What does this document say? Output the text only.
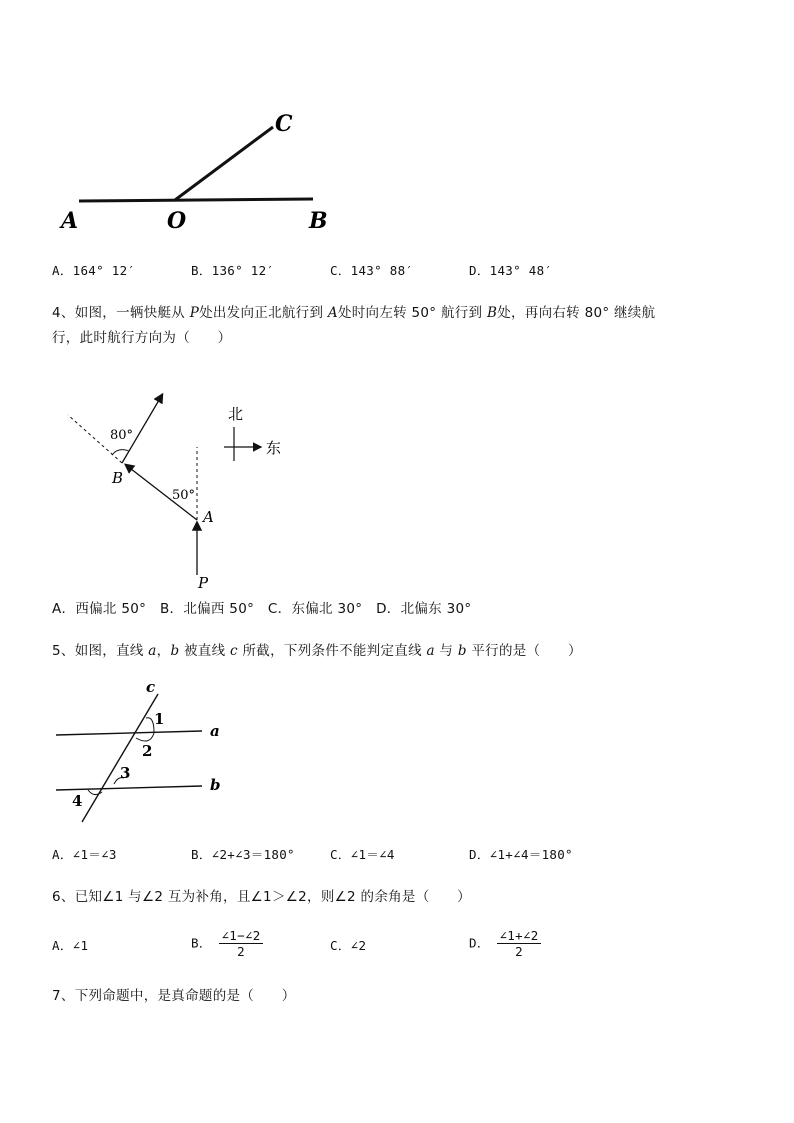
A	O	B
C
A．164° 12′	B．136° 12′	C．143° 88′	D．143° 48′
4、如图，一辆快艇从 P处出发向正北航行到 A处时向左转 50° 航行到 B处，再向右转 80° 继续航
行，此时航行方向为（　　）
80°
50°
B
A
P
北
东
A．西偏北 50°　B．北偏西 50°　C．东偏北 30°　D．北偏东 30°
5、如图，直线 a，b 被直线 c 所截，下列条件不能判定直线 a 与 b 平行的是（　　）
c
a
b
1
2
3
4
A．∠1＝∠3	B．∠2+∠3＝180°	C．∠1＝∠4	D．∠1+∠4＝180°
6、已知∠1 与∠2 互为补角，且∠1＞∠2，则∠2 的余角是（　　）
A．∠1	B． $\frac{\angle 1-\angle 2}{2}$	C．∠2	D． $\frac{\angle 1+\angle 2}{2}$
7、下列命题中，是真命题的是（　　）
